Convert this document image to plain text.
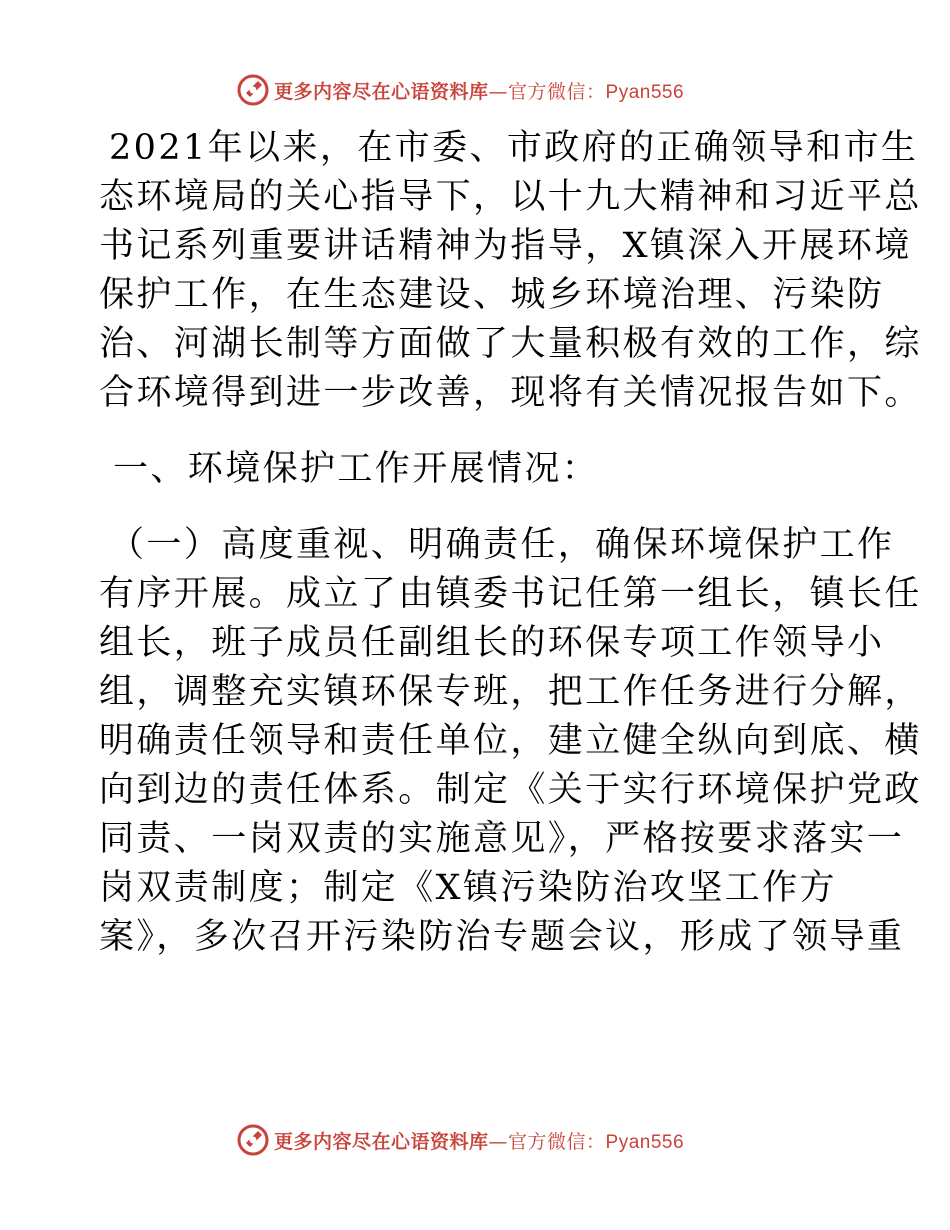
更多内容尽在心语资料库—官方微信：Pyan556
2021年以来，在市委、市政府的正确领导和市生
态环境局的关心指导下，以十九大精神和习近平总
书记系列重要讲话精神为指导，X镇深入开展环境
保护工作，在生态建设、城乡环境治理、污染防
治、河湖长制等方面做了大量积极有效的工作，综
合环境得到进一步改善，现将有关情况报告如下。
一、环境保护工作开展情况：
（一）高度重视、明确责任，确保环境保护工作
有序开展。成立了由镇委书记任第一组长，镇长任
组长，班子成员任副组长的环保专项工作领导小
组，调整充实镇环保专班，把工作任务进行分解，
明确责任领导和责任单位，建立健全纵向到底、横
向到边的责任体系。制定《关于实行环境保护党政
同责、一岗双责的实施意见》，严格按要求落实一
岗双责制度；制定《X镇污染防治攻坚工作方
案》，多次召开污染防治专题会议，形成了领导重
更多内容尽在心语资料库—官方微信：Pyan556
